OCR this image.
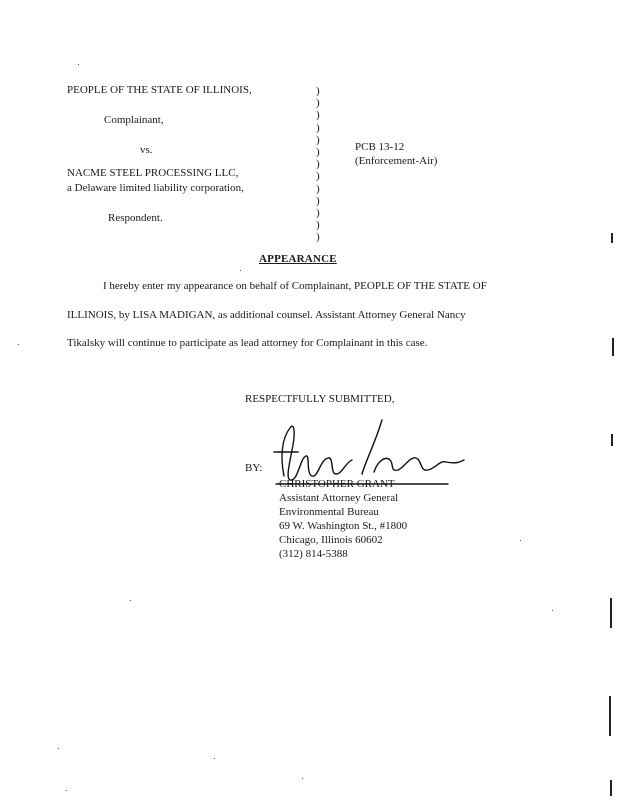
PEOPLE OF THE STATE OF ILLINOIS,
Complainant,
vs.
NACME STEEL PROCESSING LLC,
a Delaware limited liability corporation,
Respondent.
)
)
)
)
)
)
)
)
)
)
)
)
)
PCB 13-12
(Enforcement-Air)
APPEARANCE
I hereby enter my appearance on behalf of Complainant, PEOPLE OF THE STATE OF
ILLINOIS, by LISA MADIGAN, as additional counsel. Assistant Attorney General Nancy
Tikalsky will continue to participate as lead attorney for Complainant in this case.
RESPECTFULLY SUBMITTED,
BY:
CHRISTOPHER GRANT
Assistant Attorney General
Environmental Bureau
69 W. Washington St., #1800
Chicago, Illinois 60602
(312) 814-5388
